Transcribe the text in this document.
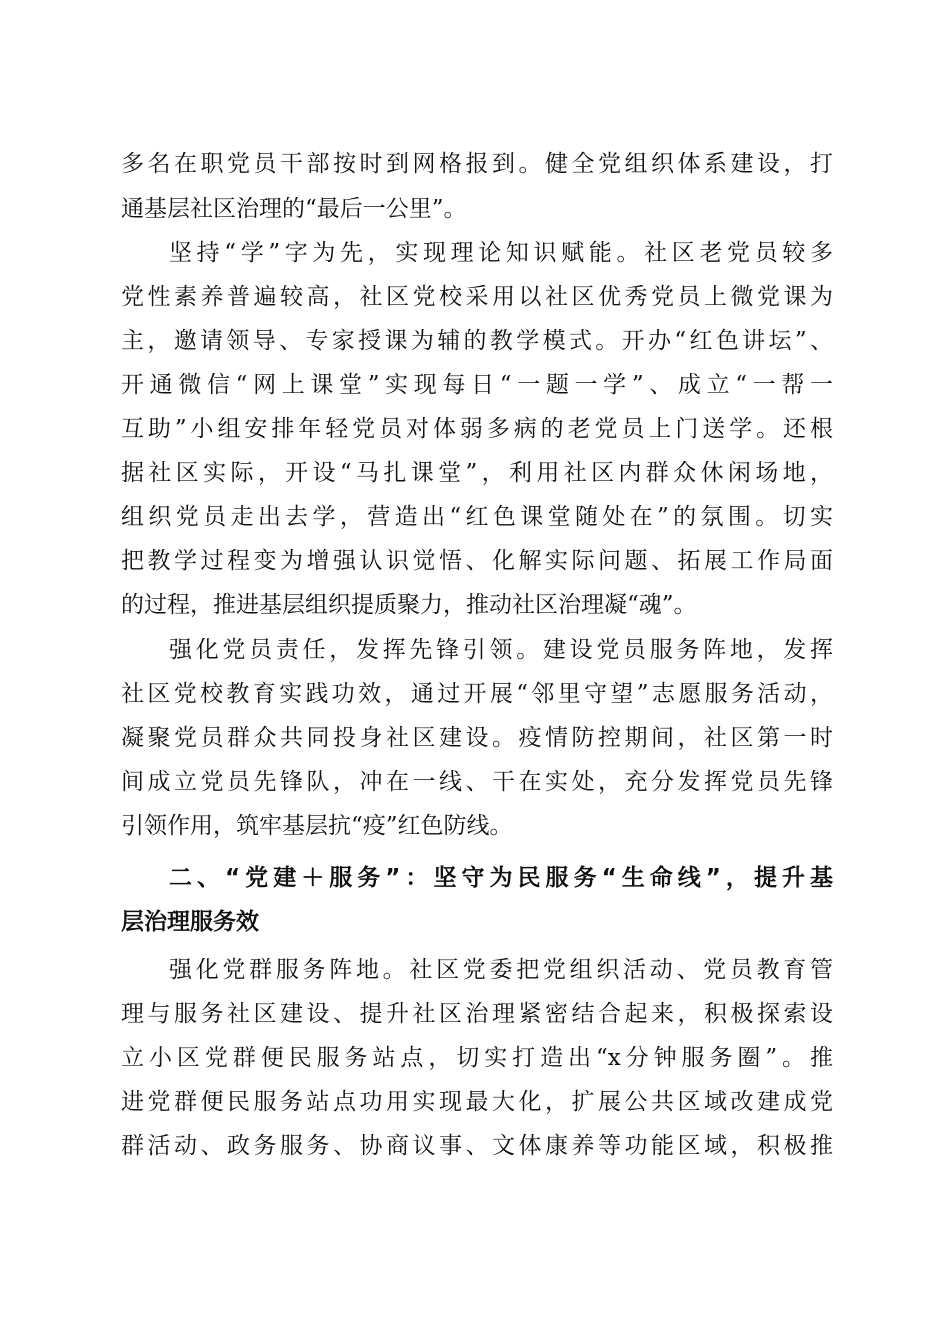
多名在职党员干部按时到网格报到。健全党组织体系建设，打
通基层社区治理的“最后一公里”。
坚持“学”字为先，实现理论知识赋能。社区老党员较多
党性素养普遍较高，社区党校采用以社区优秀党员上微党课为
主，邀请领导、专家授课为辅的教学模式。开办“红色讲坛”、
开通微信“网上课堂”实现每日“一题一学”、成立“一帮一
互助”小组安排年轻党员对体弱多病的老党员上门送学。还根
据社区实际，开设“马扎课堂”，利用社区内群众休闲场地，
组织党员走出去学，营造出“红色课堂随处在”的氛围。切实
把教学过程变为增强认识觉悟、化解实际问题、拓展工作局面
的过程，推进基层组织提质聚力，推动社区治理凝“魂”。
强化党员责任，发挥先锋引领。建设党员服务阵地，发挥
社区党校教育实践功效，通过开展“邻里守望”志愿服务活动，
凝聚党员群众共同投身社区建设。疫情防控期间，社区第一时
间成立党员先锋队，冲在一线、干在实处，充分发挥党员先锋
引领作用，筑牢基层抗“疫”红色防线。
二、“党建＋服务”：坚守为民服务“生命线”，提升基
层治理服务效
强化党群服务阵地。社区党委把党组织活动、党员教育管
理与服务社区建设、提升社区治理紧密结合起来，积极探索设
立小区党群便民服务站点，切实打造出“x分钟服务圈”。推
进党群便民服务站点功用实现最大化，扩展公共区域改建成党
群活动、政务服务、协商议事、文体康养等功能区域，积极推
